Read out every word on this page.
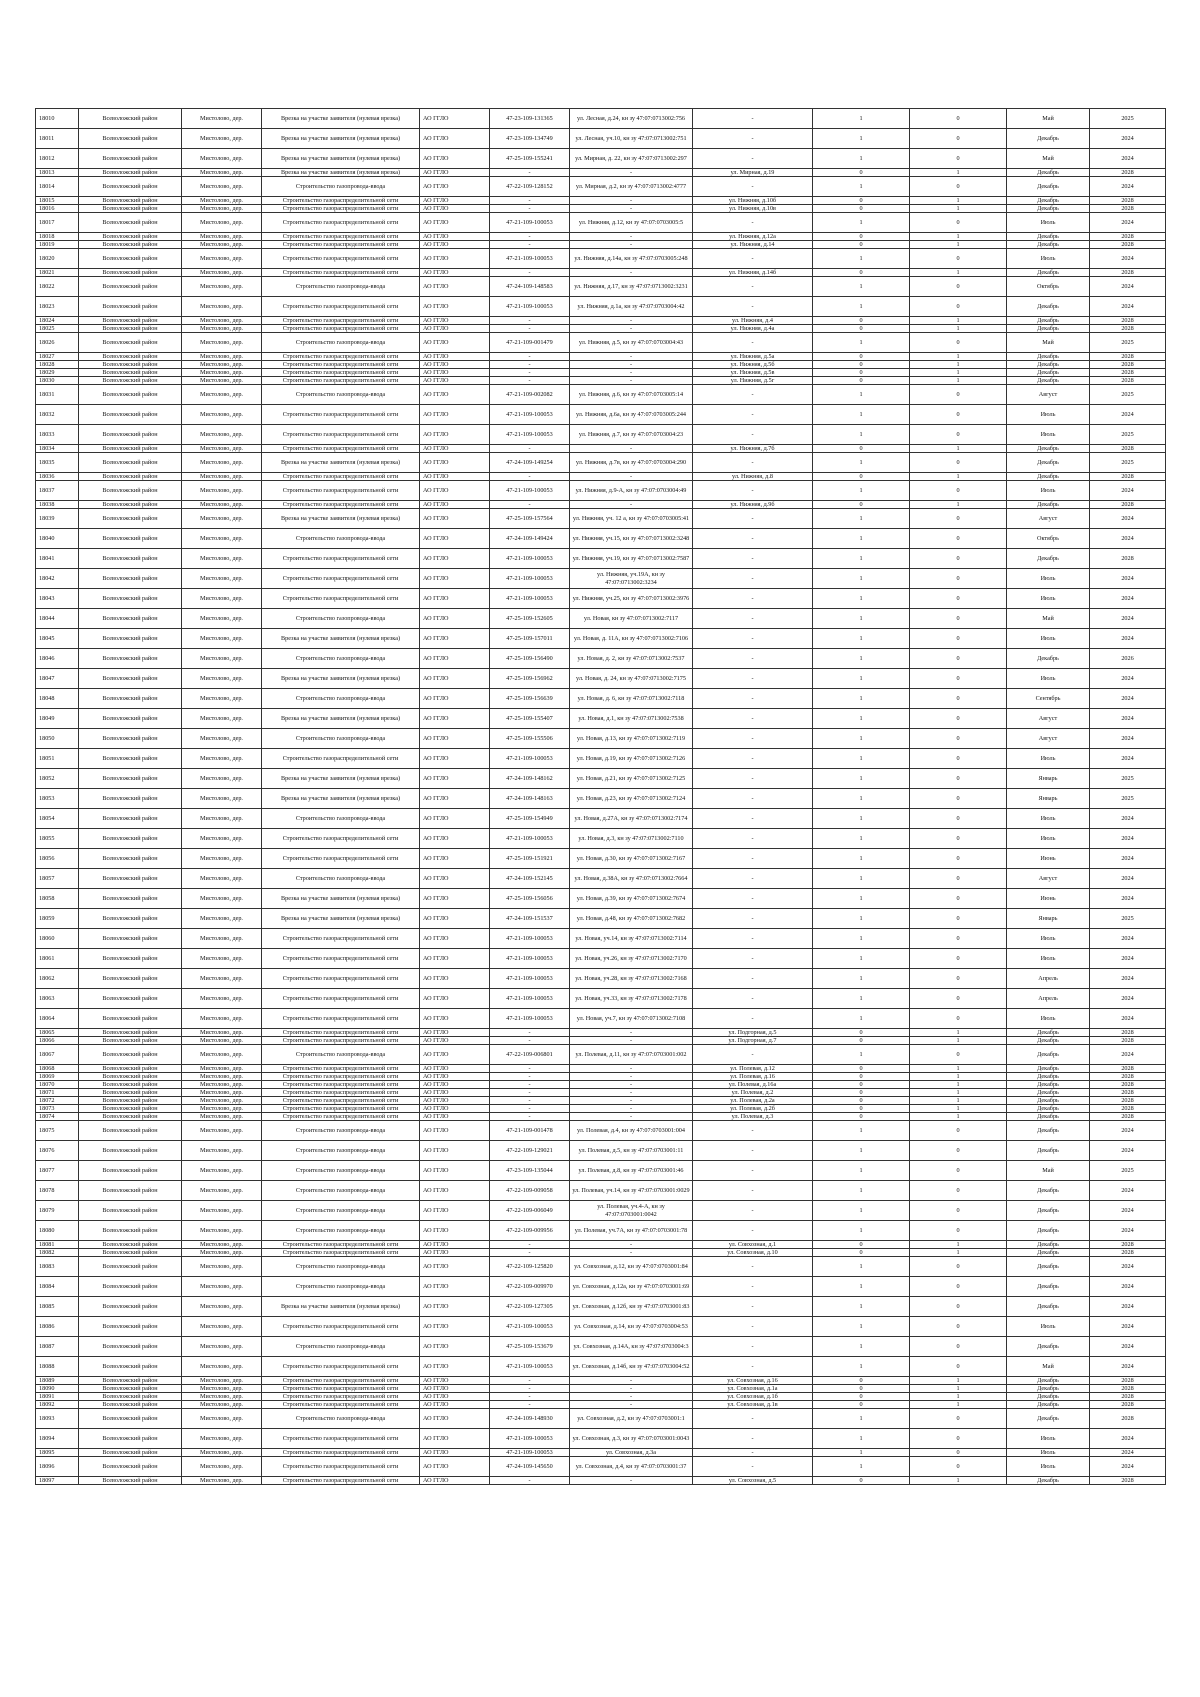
18010	Всеволожский район	Мистолово, дер.	Врезка на участке заявителя (нулевая врезка)	АО ГГЛО	47-23-109-131365	ул. Лесная, д.24, кн зу 47:07:0713002:756	-	1	0	Май	2025
18011	Всеволожский район	Мистолово, дер.	Врезка на участке заявителя (нулевая врезка)	АО ГГЛО	47-23-109-134749	ул. Лесная, уч.10, кн зу 47:07:0713002:751	-	1	0	Декабрь	2024
18012	Всеволожский район	Мистолово, дер.	Врезка на участке заявителя (нулевая врезка)	АО ГГЛО	47-25-109-155241	ул. Мирная, д. 22, кн зу 47:07:0713002:297	-	1	0	Май	2024
18013	Всеволожский район	Мистолово, дер.	Врезка на участке заявителя (нулевая врезка)	АО ГГЛО	-	-	ул. Мирная, д.19	0	1	Декабрь	2028
18014	Всеволожский район	Мистолово, дер.	Строительство газопровода-ввода	АО ГГЛО	47-22-109-128152	ул. Мирная, д.2, кн зу 47:07:0713002:4777	-	1	0	Декабрь	2024
18015	Всеволожский район	Мистолово, дер.	Строительство газораспределительной сети	АО ГГЛО	-	-	ул. Нижняя, д.10б	0	1	Декабрь	2028
18016	Всеволожский район	Мистолово, дер.	Строительство газораспределительной сети	АО ГГЛО	-	-	ул. Нижняя, д.10в	0	1	Декабрь	2028
18017	Всеволожский район	Мистолово, дер.	Строительство газораспределительной сети	АО ГГЛО	47-21-109-100053	ул. Нижняя, д.12, кн зу 47:07:0703005:5	-	1	0	Июль	2024
18018	Всеволожский район	Мистолово, дер.	Строительство газораспределительной сети	АО ГГЛО	-	-	ул. Нижняя, д.12а	0	1	Декабрь	2028
18019	Всеволожский район	Мистолово, дер.	Строительство газораспределительной сети	АО ГГЛО	-	-	ул. Нижняя, д.14	0	1	Декабрь	2028
18020	Всеволожский район	Мистолово, дер.	Строительство газораспределительной сети	АО ГГЛО	47-21-109-100053	ул. Нижняя, д.14а, кн зу 47:07:0703005:248	-	1	0	Июль	2024
18021	Всеволожский район	Мистолово, дер.	Строительство газораспределительной сети	АО ГГЛО	-	-	ул. Нижняя, д.14б	0	1	Декабрь	2028
18022	Всеволожский район	Мистолово, дер.	Строительство газопровода-ввода	АО ГГЛО	47-24-109-148583	ул. Нижняя, д.17, кн зу 47:07:0713002:3231	-	1	0	Октябрь	2024
18023	Всеволожский район	Мистолово, дер.	Строительство газораспределительной сети	АО ГГЛО	47-21-109-100053	ул. Нижняя, д.1а, кн зу 47:07:0703004:42	-	1	0	Декабрь	2024
18024	Всеволожский район	Мистолово, дер.	Строительство газораспределительной сети	АО ГГЛО	-	-	ул. Нижняя, д.4	0	1	Декабрь	2028
18025	Всеволожский район	Мистолово, дер.	Строительство газораспределительной сети	АО ГГЛО	-	-	ул. Нижняя, д.4а	0	1	Декабрь	2028
18026	Всеволожский район	Мистолово, дер.	Строительство газопровода-ввода	АО ГГЛО	47-21-109-001479	ул. Нижняя, д.5, кн зу 47:07:0703004:43	-	1	0	Май	2025
18027	Всеволожский район	Мистолово, дер.	Строительство газораспределительной сети	АО ГГЛО	-	-	ул. Нижняя, д.5а	0	1	Декабрь	2028
18028	Всеволожский район	Мистолово, дер.	Строительство газораспределительной сети	АО ГГЛО	-	-	ул. Нижняя, д.5б	0	1	Декабрь	2028
18029	Всеволожский район	Мистолово, дер.	Строительство газораспределительной сети	АО ГГЛО	-	-	ул. Нижняя, д.5в	0	1	Декабрь	2028
18030	Всеволожский район	Мистолово, дер.	Строительство газораспределительной сети	АО ГГЛО	-	-	ул. Нижняя, д.5г	0	1	Декабрь	2028
18031	Всеволожский район	Мистолово, дер.	Строительство газопровода-ввода	АО ГГЛО	47-21-109-002082	ул. Нижняя, д.6, кн зу 47:07:0703005:14	-	1	0	Август	2025
18032	Всеволожский район	Мистолово, дер.	Строительство газораспределительной сети	АО ГГЛО	47-21-109-100053	ул. Нижняя, д.6а, кн зу 47:07:0703005:244	-	1	0	Июль	2024
18033	Всеволожский район	Мистолово, дер.	Строительство газораспределительной сети	АО ГГЛО	47-21-109-100053	ул. Нижняя, д.7, кн зу 47:07:0703004:23	-	1	0	Июль	2025
18034	Всеволожский район	Мистолово, дер.	Строительство газораспределительной сети	АО ГГЛО	-	-	ул. Нижняя, д.7б	0	1	Декабрь	2028
18035	Всеволожский район	Мистолово, дер.	Врезка на участке заявителя (нулевая врезка)	АО ГГЛО	47-24-109-149254	ул. Нижняя, д.7в, кн зу 47:07:0703004:290	-	1	0	Декабрь	2025
18036	Всеволожский район	Мистолово, дер.	Строительство газораспределительной сети	АО ГГЛО	-	-	ул. Нижняя, д.8	0	1	Декабрь	2028
18037	Всеволожский район	Мистолово, дер.	Строительство газораспределительной сети	АО ГГЛО	47-21-109-100053	ул. Нижняя, д.9-А, кн зу 47:07:0703004:49	-	1	0	Июль	2024
18038	Всеволожский район	Мистолово, дер.	Строительство газораспределительной сети	АО ГГЛО	-	-	ул. Нижняя, д.9б	0	1	Декабрь	2028
18039	Всеволожский район	Мистолово, дер.	Врезка на участке заявителя (нулевая врезка)	АО ГГЛО	47-25-109-157564	ул. Нижняя, уч. 12 а, кн зу 47:07:0703005:41	-	1	0	Август	2024
18040	Всеволожский район	Мистолово, дер.	Строительство газопровода-ввода	АО ГГЛО	47-24-109-149424	ул. Нижняя, уч.15, кн зу 47:07:0713002:3248	-	1	0	Октябрь	2024
18041	Всеволожский район	Мистолово, дер.	Строительство газораспределительной сети	АО ГГЛО	47-21-109-100053	ул. Нижняя, уч.19, кн зу 47:07:0713002:7587	-	1	0	Декабрь	2028
18042	Всеволожский район	Мистолово, дер.	Строительство газораспределительной сети	АО ГГЛО	47-21-109-100053	ул. Нижняя, уч.19А, кн зу 47:07:0713002:3234	-	1	0	Июль	2024
18043	Всеволожский район	Мистолово, дер.	Строительство газораспределительной сети	АО ГГЛО	47-21-109-100053	ул. Нижняя, уч.25, кн зу 47:07:0713002:3976	-	1	0	Июль	2024
18044	Всеволожский район	Мистолово, дер.	Строительство газопровода-ввода	АО ГГЛО	47-25-109-152605	ул. Новая, кн зу 47:07:0713002:7117	-	1	0	Май	2024
18045	Всеволожский район	Мистолово, дер.	Врезка на участке заявителя (нулевая врезка)	АО ГГЛО	47-25-109-157011	ул. Новая, д. 11А, кн зу 47:07:0713002:7106	-	1	0	Июль	2024
18046	Всеволожский район	Мистолово, дер.	Строительство газопровода-ввода	АО ГГЛО	47-25-109-156490	ул. Новая, д. 2, кн зу 47:07:0713002:7537	-	1	0	Декабрь	2026
18047	Всеволожский район	Мистолово, дер.	Врезка на участке заявителя (нулевая врезка)	АО ГГЛО	47-25-109-156962	ул. Новая, д. 24, кн зу 47:07:0713002:7175	-	1	0	Июль	2024
18048	Всеволожский район	Мистолово, дер.	Строительство газопровода-ввода	АО ГГЛО	47-25-109-156639	ул. Новая, д. 6, кн зу 47:07:0713002:7118	-	1	0	Сентябрь	2024
18049	Всеволожский район	Мистолово, дер.	Врезка на участке заявителя (нулевая врезка)	АО ГГЛО	47-25-109-155407	ул. Новая, д.1, кн зу 47:07:0713002:7538	-	1	0	Август	2024
18050	Всеволожский район	Мистолово, дер.	Строительство газопровода-ввода	АО ГГЛО	47-25-109-155506	ул. Новая, д.13, кн зу 47:07:0713002:7119	-	1	0	Август	2024
18051	Всеволожский район	Мистолово, дер.	Строительство газораспределительной сети	АО ГГЛО	47-21-109-100053	ул. Новая, д.19, кн зу 47:07:0713002:7126	-	1	0	Июль	2024
18052	Всеволожский район	Мистолово, дер.	Врезка на участке заявителя (нулевая врезка)	АО ГГЛО	47-24-109-148162	ул. Новая, д.21, кн зу 47:07:0713002:7125	-	1	0	Январь	2025
18053	Всеволожский район	Мистолово, дер.	Врезка на участке заявителя (нулевая врезка)	АО ГГЛО	47-24-109-148163	ул. Новая, д.23, кн зу 47:07:0713002:7124	-	1	0	Январь	2025
18054	Всеволожский район	Мистолово, дер.	Строительство газопровода-ввода	АО ГГЛО	47-25-109-154949	ул. Новая, д.27А, кн зу 47:07:0713002:7174	-	1	0	Июль	2024
18055	Всеволожский район	Мистолово, дер.	Строительство газораспределительной сети	АО ГГЛО	47-21-109-100053	ул. Новая, д.3, кн зу 47:07:0713002:7110	-	1	0	Июль	2024
18056	Всеволожский район	Мистолово, дер.	Строительство газораспределительной сети	АО ГГЛО	47-25-109-151921	ул. Новая, д.30, кн зу 47:07:0713002:7167	-	1	0	Июнь	2024
18057	Всеволожский район	Мистолово, дер.	Строительство газопровода-ввода	АО ГГЛО	47-24-109-152145	ул. Новая, д.38А, кн зу 47:07:0713002:7664	-	1	0	Август	2024
18058	Всеволожский район	Мистолово, дер.	Врезка на участке заявителя (нулевая врезка)	АО ГГЛО	47-25-109-156056	ул. Новая, д.39, кн зу 47:07:0713002:7674	-	1	0	Июнь	2024
18059	Всеволожский район	Мистолово, дер.	Врезка на участке заявителя (нулевая врезка)	АО ГГЛО	47-24-109-151537	ул. Новая, д.48, кн зу 47:07:0713002:7682	-	1	0	Январь	2025
18060	Всеволожский район	Мистолово, дер.	Строительство газораспределительной сети	АО ГГЛО	47-21-109-100053	ул. Новая, уч.14, кн зу 47:07:0713002:7114	-	1	0	Июль	2024
18061	Всеволожский район	Мистолово, дер.	Строительство газораспределительной сети	АО ГГЛО	47-21-109-100053	ул. Новая, уч.26, кн зу 47:07:0713002:7170	-	1	0	Июль	2024
18062	Всеволожский район	Мистолово, дер.	Строительство газораспределительной сети	АО ГГЛО	47-21-109-100053	ул. Новая, уч.28, кн зу 47:07:0713002:7168	-	1	0	Апрель	2024
18063	Всеволожский район	Мистолово, дер.	Строительство газораспределительной сети	АО ГГЛО	47-21-109-100053	ул. Новая, уч.33, кн зу 47:07:0713002:7178	-	1	0	Апрель	2024
18064	Всеволожский район	Мистолово, дер.	Строительство газораспределительной сети	АО ГГЛО	47-21-109-100053	ул. Новая, уч.7, кн зу 47:07:0713002:7108	-	1	0	Июль	2024
18065	Всеволожский район	Мистолово, дер.	Строительство газораспределительной сети	АО ГГЛО	-	-	ул. Подгорная, д.5	0	1	Декабрь	2028
18066	Всеволожский район	Мистолово, дер.	Строительство газораспределительной сети	АО ГГЛО	-	-	ул. Подгорная, д.7	0	1	Декабрь	2028
18067	Всеволожский район	Мистолово, дер.	Строительство газопровода-ввода	АО ГГЛО	47-22-109-006801	ул. Полевая, д.11, кн зу 47:07:0703001:002	-	1	0	Декабрь	2024
18068	Всеволожский район	Мистолово, дер.	Строительство газораспределительной сети	АО ГГЛО	-	-	ул. Полевая, д.12	0	1	Декабрь	2028
18069	Всеволожский район	Мистолово, дер.	Строительство газораспределительной сети	АО ГГЛО	-	-	ул. Полевая, д.16	0	1	Декабрь	2028
18070	Всеволожский район	Мистолово, дер.	Строительство газораспределительной сети	АО ГГЛО	-	-	ул. Полевая, д.16а	0	1	Декабрь	2028
18071	Всеволожский район	Мистолово, дер.	Строительство газораспределительной сети	АО ГГЛО	-	-	ул. Полевая, д.2	0	1	Декабрь	2028
18072	Всеволожский район	Мистолово, дер.	Строительство газораспределительной сети	АО ГГЛО	-	-	ул. Полевая, д.2а	0	1	Декабрь	2028
18073	Всеволожский район	Мистолово, дер.	Строительство газораспределительной сети	АО ГГЛО	-	-	ул. Полевая, д.2б	0	1	Декабрь	2028
18074	Всеволожский район	Мистолово, дер.	Строительство газораспределительной сети	АО ГГЛО	-	-	ул. Полевая, д.3	0	1	Декабрь	2028
18075	Всеволожский район	Мистолово, дер.	Строительство газопровода-ввода	АО ГГЛО	47-21-109-001478	ул. Полевая, д.4, кн зу 47:07:0703001:004	-	1	0	Декабрь	2024
18076	Всеволожский район	Мистолово, дер.	Строительство газопровода-ввода	АО ГГЛО	47-22-109-129021	ул. Полевая, д.5, кн зу 47:07:0703001:11	-	1	0	Декабрь	2024
18077	Всеволожский район	Мистолово, дер.	Строительство газопровода-ввода	АО ГГЛО	47-23-109-135044	ул. Полевая, д.8, кн зу 47:07:0703001:46	-	1	0	Май	2025
18078	Всеволожский район	Мистолово, дер.	Строительство газопровода-ввода	АО ГГЛО	47-22-109-009058	ул. Полевая, уч.14, кн зу 47:07:0703001:0029	-	1	0	Декабрь	2024
18079	Всеволожский район	Мистолово, дер.	Строительство газопровода-ввода	АО ГГЛО	47-22-109-006049	ул. Полевая, уч.4-А, кн зу 47:07:0703001:0042	-	1	0	Декабрь	2024
18080	Всеволожский район	Мистолово, дер.	Строительство газопровода-ввода	АО ГГЛО	47-22-109-009956	ул. Полевая, уч.7А, кн зу 47:07:0703001:78	-	1	0	Декабрь	2024
18081	Всеволожский район	Мистолово, дер.	Строительство газораспределительной сети	АО ГГЛО	-	-	ул. Совхозная, д.1	0	1	Декабрь	2028
18082	Всеволожский район	Мистолово, дер.	Строительство газораспределительной сети	АО ГГЛО	-	-	ул. Совхозная, д.10	0	1	Декабрь	2028
18083	Всеволожский район	Мистолово, дер.	Строительство газопровода-ввода	АО ГГЛО	47-22-109-125820	ул. Совхозная, д.12, кн зу 47:07:0703001:84	-	1	0	Декабрь	2024
18084	Всеволожский район	Мистолово, дер.	Строительство газопровода-ввода	АО ГГЛО	47-22-109-009970	ул. Совхозная, д.12а, кн зу 47:07:0703001:69	-	1	0	Декабрь	2024
18085	Всеволожский район	Мистолово, дер.	Врезка на участке заявителя (нулевая врезка)	АО ГГЛО	47-22-109-127305	ул. Совхозная, д.12б, кн зу 47:07:0703001:83	-	1	0	Декабрь	2024
18086	Всеволожский район	Мистолово, дер.	Строительство газораспределительной сети	АО ГГЛО	47-21-109-100053	ул. Совхозная, д.14, кн зу 47:07:0703004:53	-	1	0	Июль	2024
18087	Всеволожский район	Мистолово, дер.	Строительство газопровода-ввода	АО ГГЛО	47-25-109-153679	ул. Совхозная, д.14А, кн зу 47:07:0703004:3	-	1	0	Декабрь	2024
18088	Всеволожский район	Мистолово, дер.	Строительство газораспределительной сети	АО ГГЛО	47-21-109-100053	ул. Совхозная, д.14б, кн зу 47:07:0703004:52	-	1	0	Май	2024
18089	Всеволожский район	Мистолово, дер.	Строительство газораспределительной сети	АО ГГЛО	-	-	ул. Совхозная, д.16	0	1	Декабрь	2028
18090	Всеволожский район	Мистолово, дер.	Строительство газораспределительной сети	АО ГГЛО	-	-	ул. Совхозная, д.1а	0	1	Декабрь	2028
18091	Всеволожский район	Мистолово, дер.	Строительство газораспределительной сети	АО ГГЛО	-	-	ул. Совхозная, д.1б	0	1	Декабрь	2028
18092	Всеволожский район	Мистолово, дер.	Строительство газораспределительной сети	АО ГГЛО	-	-	ул. Совхозная, д.1в	0	1	Декабрь	2028
18093	Всеволожский район	Мистолово, дер.	Строительство газопровода-ввода	АО ГГЛО	47-24-109-148930	ул. Совхозная, д.2, кн зу 47:07:0703001:1	-	1	0	Декабрь	2028
18094	Всеволожский район	Мистолово, дер.	Строительство газораспределительной сети	АО ГГЛО	47-21-109-100053	ул. Совхозная, д.3, кн зу 47:07:0703001:0043	-	1	0	Июль	2024
18095	Всеволожский район	Мистолово, дер.	Строительство газораспределительной сети	АО ГГЛО	47-21-109-100053	ул. Совхозная, д.3а	-	1	0	Июль	2024
18096	Всеволожский район	Мистолово, дер.	Строительство газораспределительной сети	АО ГГЛО	47-24-109-145650	ул. Совхозная, д.4, кн зу 47:07:0703001:37	-	1	0	Июль	2024
18097	Всеволожский район	Мистолово, дер.	Строительство газораспределительной сети	АО ГГЛО	-	-	ул. Совхозная, д.5	0	1	Декабрь	2028
